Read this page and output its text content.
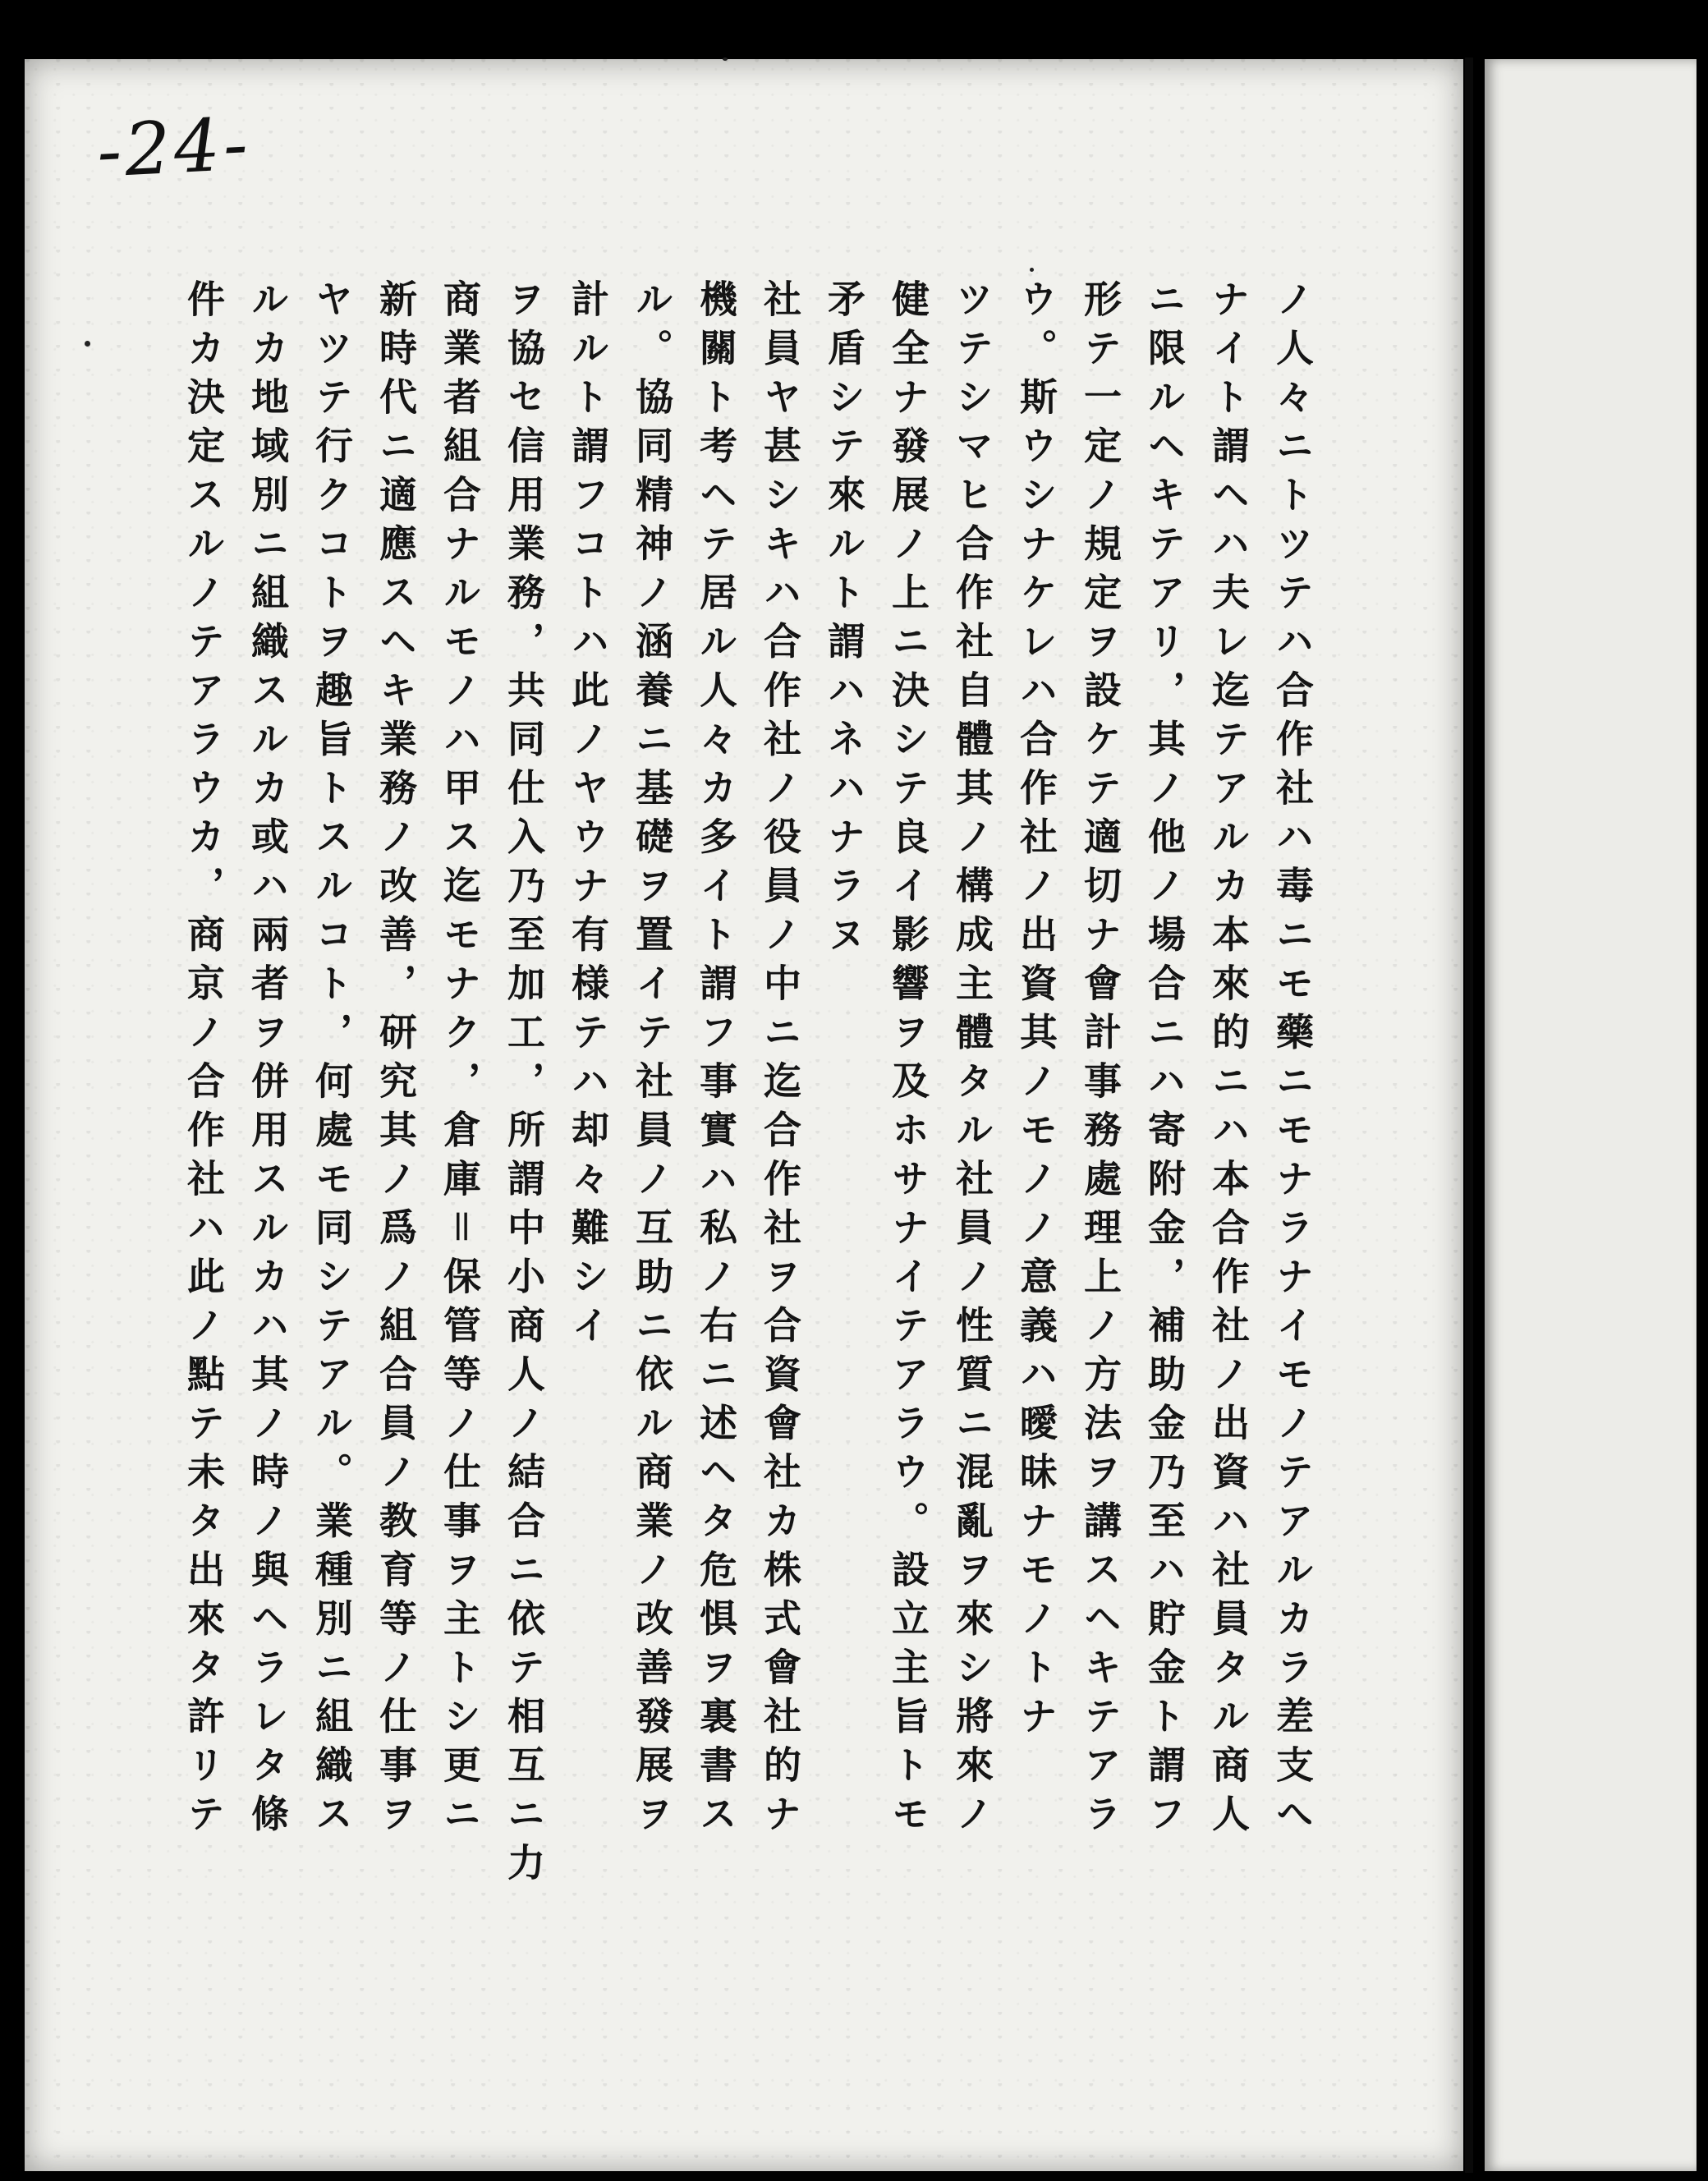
-24-
ノ人々ニトツテハ合作社ハ毒ニモ藥ニモナラナイモノテアルカラ差支へ
ナイト謂ヘハ夫レ迄テアルカ本來的ニハ本合作社ノ出資ハ社員タル商人
ニ限ルヘキテアリ，其ノ他ノ場合ニハ寄附金，補助金乃至ハ貯金ト謂フ
形テ一定ノ規定ヲ設ケテ適切ナ會計事務處理上ノ方法ヲ講スヘキテアラ
ウ。斯ウシナケレハ合作社ノ出資其ノモノノ意義ハ曖昧ナモノトナ
ツテシマヒ合作社自體其ノ構成主體タル社員ノ性質ニ混亂ヲ來シ將來ノ
健全ナ發展ノ上ニ決シテ良イ影響ヲ及ホサナイテアラウ。設立主旨トモ
矛盾シテ來ルト謂ハネハナラヌ
社員ヤ甚シキハ合作社ノ役員ノ中ニ迄合作社ヲ合資會社カ株式會社的ナ
機關ト考ヘテ居ル人々カ多イト謂フ事實ハ私ノ右ニ述ヘタ危惧ヲ裏書ス
ル。協同精神ノ涵養ニ基礎ヲ置イテ社員ノ互助ニ依ル商業ノ改善發展ヲ
計ルト謂フコトハ此ノヤウナ有様テハ却々難シイ
ヲ協セ信用業務，共同仕入乃至加工，所謂中小商人ノ結合ニ依テ相互ニ力
商業者組合ナルモノハ甲ス迄モナク，倉庫＝保管等ノ仕事ヲ主トシ更ニ
新時代ニ適應スヘキ業務ノ改善，研究其ノ爲ノ組合員ノ教育等ノ仕事ヲ
ヤツテ行クコトヲ趣旨トスルコト，何處モ同シテアル。業種別ニ組織ス
ルカ地域別ニ組織スルカ或ハ兩者ヲ併用スルカハ其ノ時ノ與ヘラレタ條
件カ決定スルノテアラウカ，商京ノ合作社ハ此ノ點テ未タ出來タ許リテ
